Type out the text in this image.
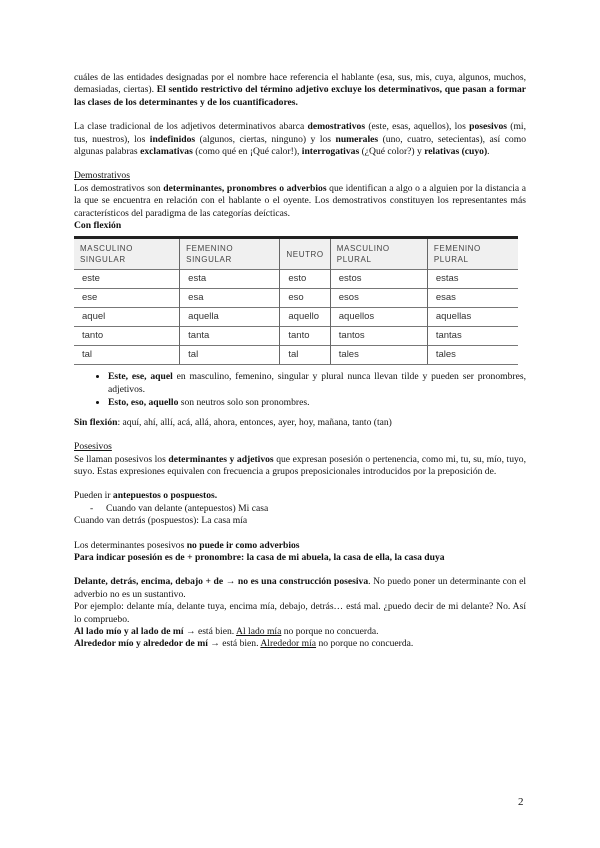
cuáles de las entidades designadas por el nombre hace referencia el hablante (esa, sus, mis, cuya, algunos, muchos, demasiadas, ciertas). El sentido restrictivo del término adjetivo excluye los determinativos, que pasan a formar las clases de los determinantes y de los cuantificadores.

La clase tradicional de los adjetivos determinativos abarca demostrativos (este, esas, aquellos), los posesivos (mi, tus, nuestros), los indefinidos (algunos, ciertas, ninguno) y los numerales (uno, cuatro, setecientas), así como algunas palabras exclamativas (como qué en ¡Qué calor!), interrogativas (¿Qué color?) y relativas (cuyo).

Demostrativos

Los demostrativos son determinantes, pronombres o adverbios que identifican a algo o a alguien por la distancia a la que se encuentra en relación con el hablante o el oyente. Los demostrativos constituyen los representantes más característicos del paradigma de las categorías deícticas.

Con flexión

MASCULINO SINGULAR	FEMENINO SINGULAR	NEUTRO	MASCULINO PLURAL	FEMENINO PLURAL
este	esta	esto	estos	estas
ese	esa	eso	esos	esas
aquel	aquella	aquello	aquellos	aquellas
tanto	tanta	tanto	tantos	tantas
tal	tal	tal	tales	tales
• Este, ese, aquel en masculino, femenino, singular y plural nunca llevan tilde y pueden ser pronombres, adjetivos.
• Esto, eso, aquello son neutros solo son pronombres.

Sin flexión: aquí, ahí, allí, acá, allá, ahora, entonces, ayer, hoy, mañana, tanto (tan)

Posesivos

Se llaman posesivos los determinantes y adjetivos que expresan posesión o pertenencia, como mi, tu, su, mío, tuyo, suyo. Estas expresiones equivalen con frecuencia a grupos preposicionales introducidos por la preposición de.

Pueden ir antepuestos o pospuestos.

- Cuando van delante (antepuestos) Mi casa

Cuando van detrás (pospuestos): La casa mía

Los determinantes posesivos no puede ir como adverbios

Para indicar posesión es de + pronombre: la casa de mi abuela, la casa de ella, la casa duya

Delante, detrás, encima, debajo + de → no es una construcción posesiva. No puedo poner un determinante con el adverbio no es un sustantivo.

Por ejemplo: delante mía, delante tuya, encima mía, debajo, detrás… está mal. ¿puedo decir de mi delante? No. Así lo compruebo.

Al lado mío y al lado de mí → está bien. Al lado mía no porque no concuerda.

Alrededor mío y alrededor de mí → está bien. Alrededor mía no porque no concuerda.

2
